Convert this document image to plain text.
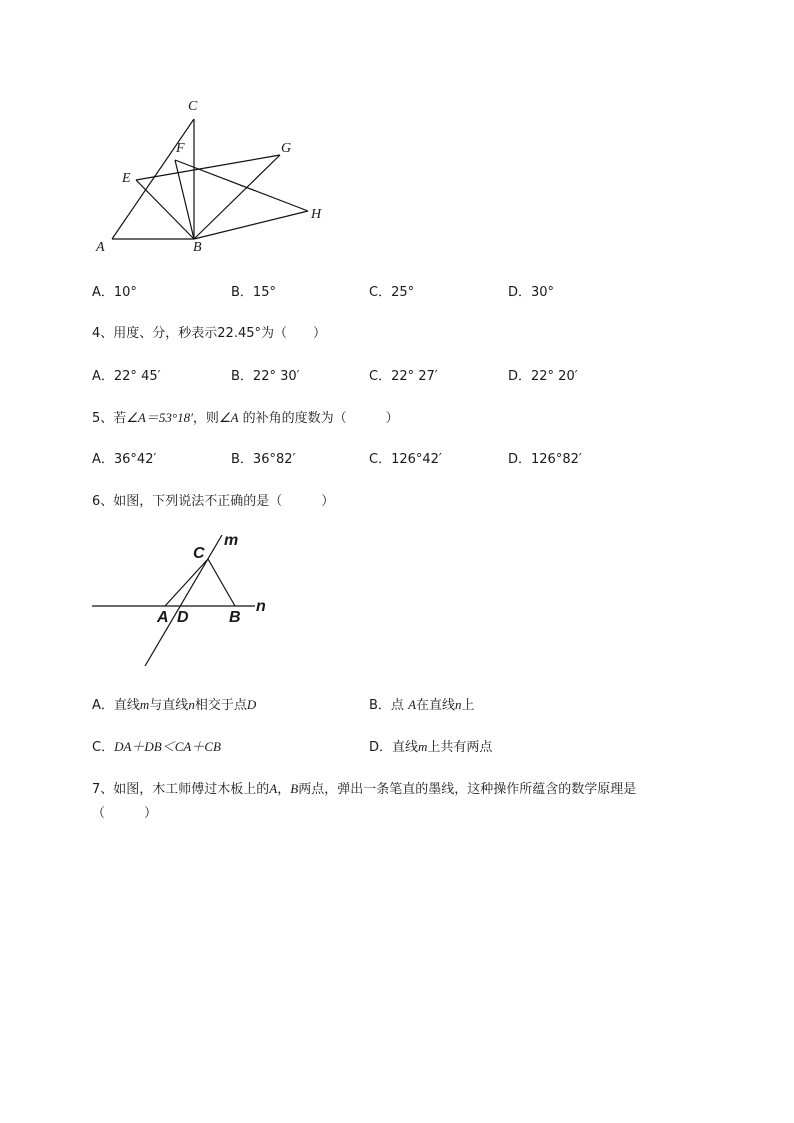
C
F	G
E
H
A	B
A．10°	B．15°	C．25°	D．30°
4、用度、分，秒表示22.45°为（　　）
A．22° 45′	B．22° 30′	C．22° 27′	D．22° 20′
5、若∠A＝53°18′，则∠A 的补角的度数为（　　　）
A．36°42′	B．36°82′	C．126°42′	D．126°82′
6、如图，下列说法不正确的是（　　　）
C
m
A D	B
n
A．直线m与直线n相交于点D	B．点 A在直线n上
C．DA＋DB＜CA＋CB	D．直线m上共有两点
7、如图，木工师傅过木板上的A，B两点，弹出一条笔直的墨线，这种操作所蕴含的数学原理是
（　　　）
